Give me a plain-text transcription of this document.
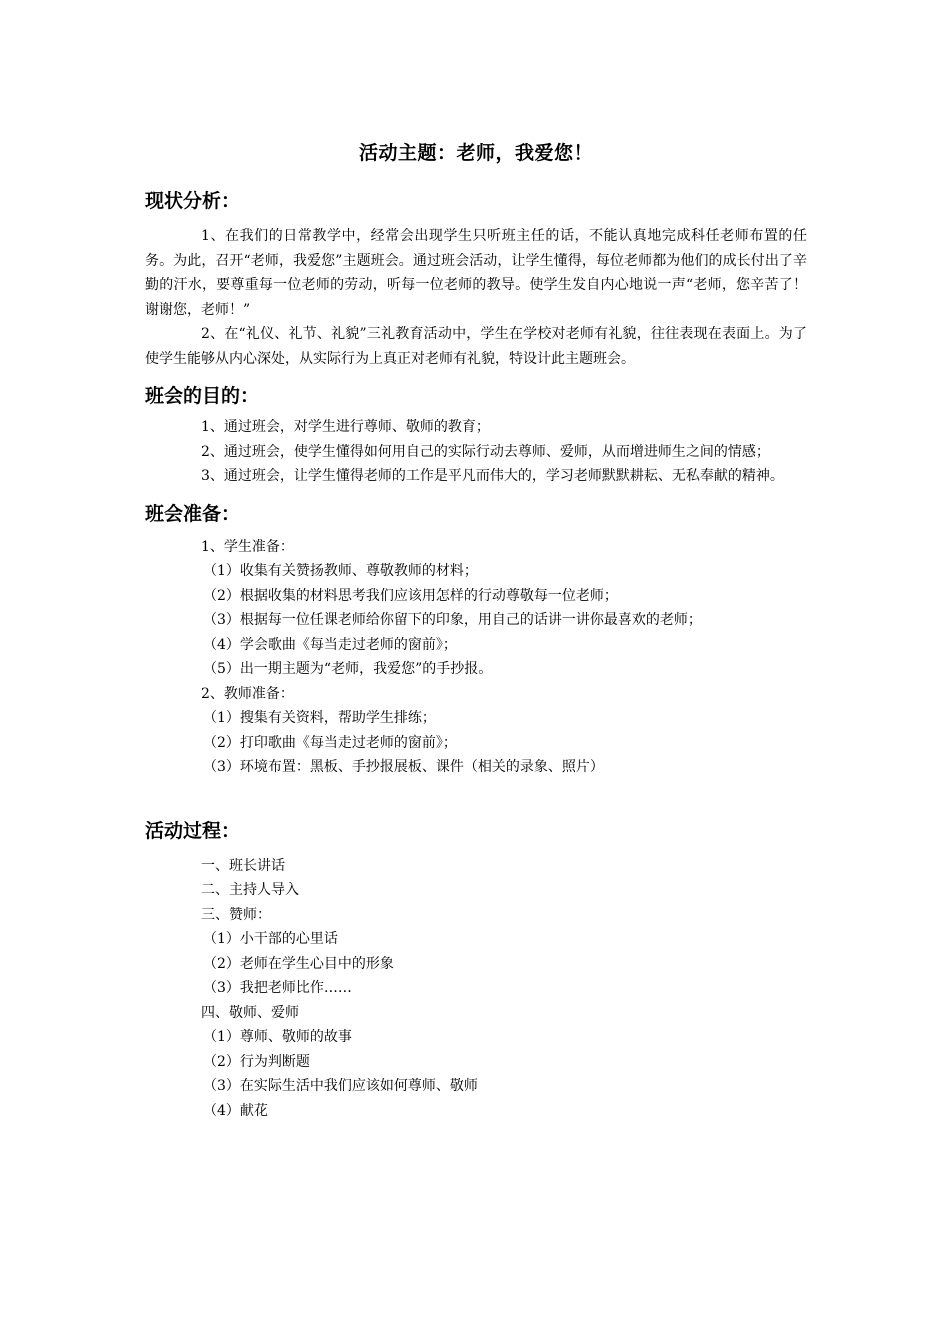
活动主题：老师，我爱您！
现状分析：

1、在我们的日常教学中，经常会出现学生只听班主任的话，不能认真地完成科任老师布置的任务。为此，召开“老师，我爱您”主题班会。通过班会活动，让学生懂得，每位老师都为他们的成长付出了辛勤的汗水，要尊重每一位老师的劳动，听每一位老师的教导。使学生发自内心地说一声“老师，您辛苦了！谢谢您，老师！”

2、在“礼仪、礼节、礼貌”三礼教育活动中，学生在学校对老师有礼貌，往往表现在表面上。为了使学生能够从内心深处，从实际行为上真正对老师有礼貌，特设计此主题班会。

班会的目的：

1、通过班会，对学生进行尊师、敬师的教育；

2、通过班会，使学生懂得如何用自己的实际行动去尊师、爱师，从而增进师生之间的情感；

3、通过班会，让学生懂得老师的工作是平凡而伟大的，学习老师默默耕耘、无私奉献的精神。

班会准备：

1、学生准备：

（1）收集有关赞扬教师、尊敬教师的材料；

（2）根据收集的材料思考我们应该用怎样的行动尊敬每一位老师；

（3）根据每一位任课老师给你留下的印象，用自己的话讲一讲你最喜欢的老师；

（4）学会歌曲《每当走过老师的窗前》；

（5）出一期主题为“老师，我爱您”的手抄报。

2、教师准备：

（1）搜集有关资料，帮助学生排练；

（2）打印歌曲《每当走过老师的窗前》；

（3）环境布置：黑板、手抄报展板、课件（相关的录象、照片）

活动过程：

一、班长讲话

二、主持人导入

三、赞师：

（1）小干部的心里话

（2）老师在学生心目中的形象

（3）我把老师比作……

四、敬师、爱师

（1）尊师、敬师的故事

（2）行为判断题

（3）在实际生活中我们应该如何尊师、敬师

（4）献花
